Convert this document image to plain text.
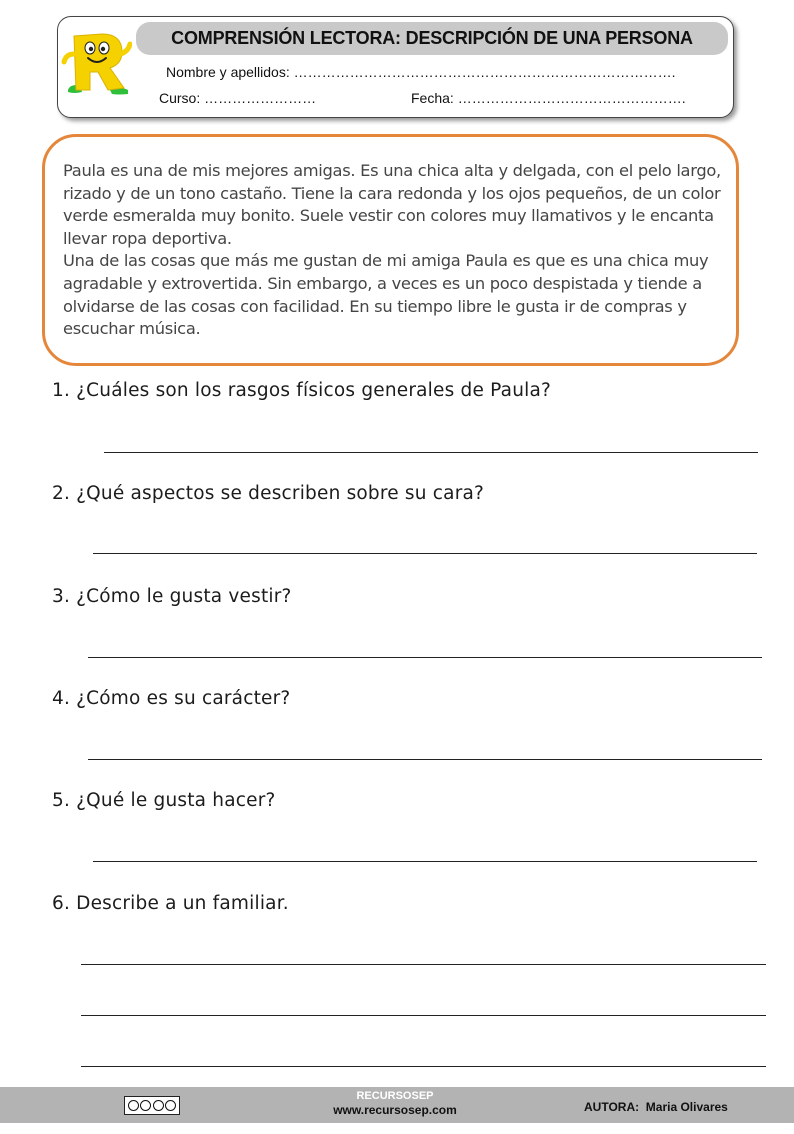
COMPRENSIÓN LECTORA: DESCRIPCIÓN DE UNA PERSONA
Nombre y apellidos: ……………………………………………………………………….
Curso: ……………………	Fecha: ………………………………………….

Paula es una de mis mejores amigas. Es una chica alta y delgada, con el pelo largo, rizado y de un tono castaño. Tiene la cara redonda y los ojos pequeños, de un color verde esmeralda muy bonito. Suele vestir con colores muy llamativos y le encanta llevar ropa deportiva.

Una de las cosas que más me gustan de mi amiga Paula es que es una chica muy agradable y extrovertida. Sin embargo, a veces es un poco despistada y tiende a olvidarse de las cosas con facilidad. En su tiempo libre le gusta ir de compras y escuchar música.

1. ¿Cuáles son los rasgos físicos generales de Paula?
2. ¿Qué aspectos se describen sobre su cara?
3. ¿Cómo le gusta vestir?
4. ¿Cómo es su carácter?
5. ¿Qué le gusta hacer?
6. Describe a un familiar.
RECURSOSEP
www.recursosep.com	AUTORA: Maria Olivares
